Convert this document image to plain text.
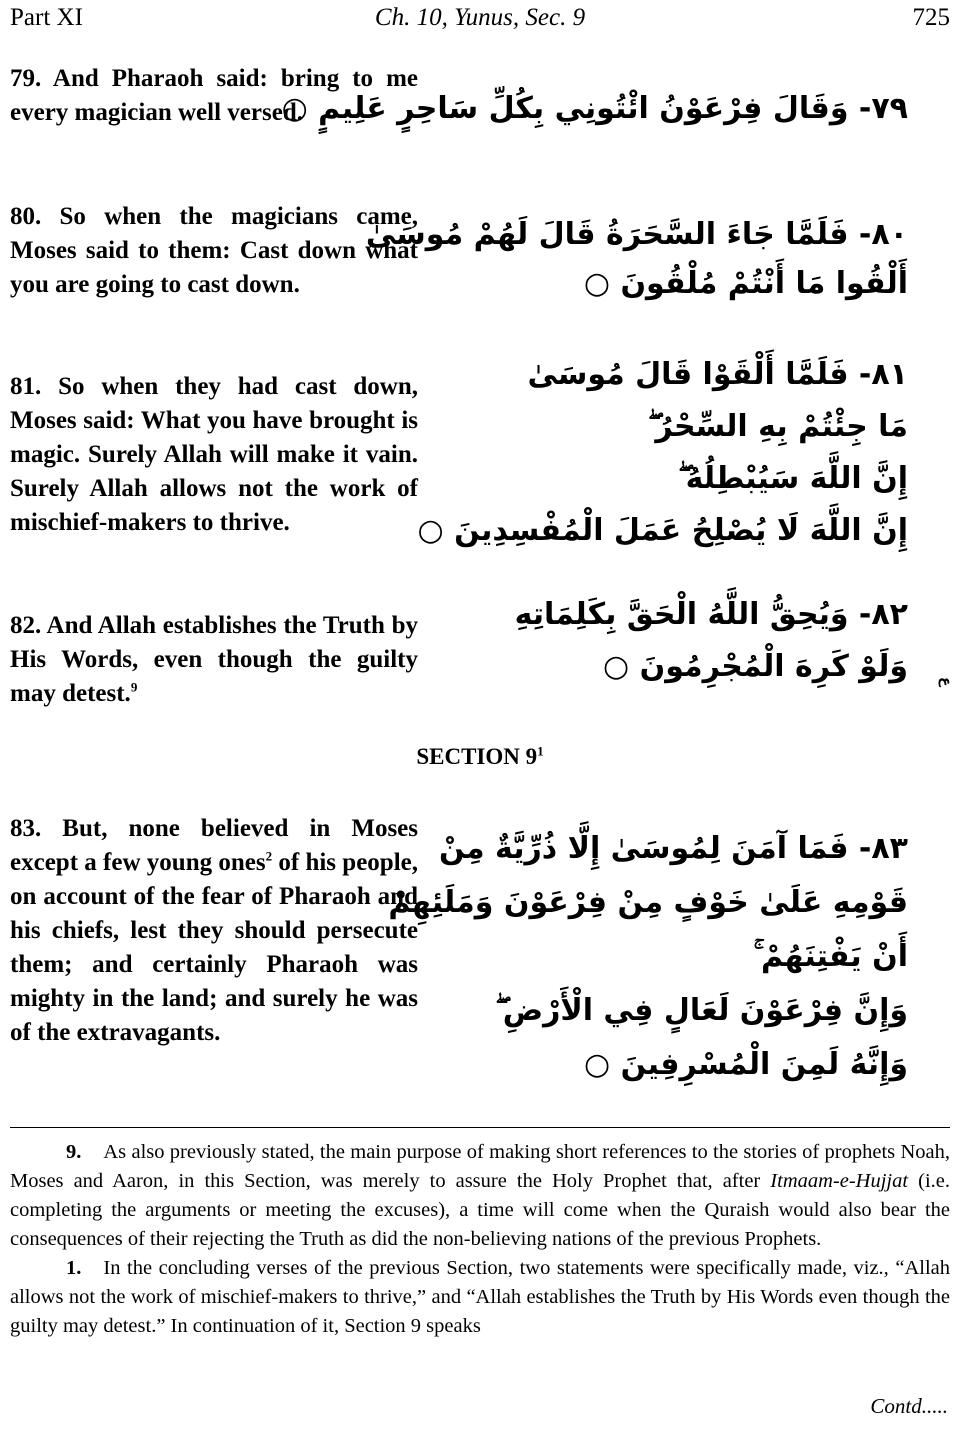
Part XI	Ch. 10, Yunus, Sec. 9	725
79. And Pharaoh said: bring to me every magician well versed.
۷۹- وَقَالَ فِرْعَوْنُ ائْتُونِي بِكُلِّ سَاحِرٍ عَلِيمٍ ○
80. So when the magicians came, Moses said to them: Cast down what you are going to cast down.
۸۰- فَلَمَّا جَاءَ السَّحَرَةُ قَالَ لَهُمْ مُوسَىٰ
أَلْقُوا مَا أَنْتُمْ مُلْقُونَ ○
81. So when they had cast down, Moses said: What you have brought is magic. Surely Allah will make it vain. Surely Allah allows not the work of mischief-makers to thrive.
۸۱- فَلَمَّا أَلْقَوْا قَالَ مُوسَىٰ
مَا جِئْتُمْ بِهِ السِّحْرُ ۖ
إِنَّ اللَّهَ سَيُبْطِلُهُ ۖ
إِنَّ اللَّهَ لَا يُصْلِحُ عَمَلَ الْمُفْسِدِينَ ○
82. And Allah establishes the Truth by His Words, even though the guilty may detest.$^9$
۸۲- وَيُحِقُّ اللَّهُ الْحَقَّ بِكَلِمَاتِهِ
وَلَوْ كَرِهَ الْمُجْرِمُونَ ○	ع
SECTION $9^1$
83. But, none believed in Moses except a few young ones$^2$ of his people, on account of the fear of Pharaoh and his chiefs, lest they should persecute them; and certainly Pharaoh was mighty in the land; and surely he was of the extravagants.
۸۳- فَمَا آمَنَ لِمُوسَىٰ إِلَّا ذُرِّيَّةٌ مِنْ
قَوْمِهِ عَلَىٰ خَوْفٍ مِنْ فِرْعَوْنَ وَمَلَئِهِمْ
أَنْ يَفْتِنَهُمْ ۚ
وَإِنَّ فِرْعَوْنَ لَعَالٍ فِي الْأَرْضِ ۖ
وَإِنَّهُ لَمِنَ الْمُسْرِفِينَ ○

9. As also previously stated, the main purpose of making short references to the stories of prophets Noah, Moses and Aaron, in this Section, was merely to assure the Holy Prophet that, after Itmaam-e-Hujjat (i.e. completing the arguments or meeting the excuses), a time will come when the Quraish would also bear the consequences of their rejecting the Truth as did the non-believing nations of the previous Prophets.

1. In the concluding verses of the previous Section, two statements were specifically made, viz., “Allah allows not the work of mischief-makers to thrive,” and “Allah establishes the Truth by His Words even though the guilty may detest.” In continuation of it, Section 9 speaks

Contd.....
